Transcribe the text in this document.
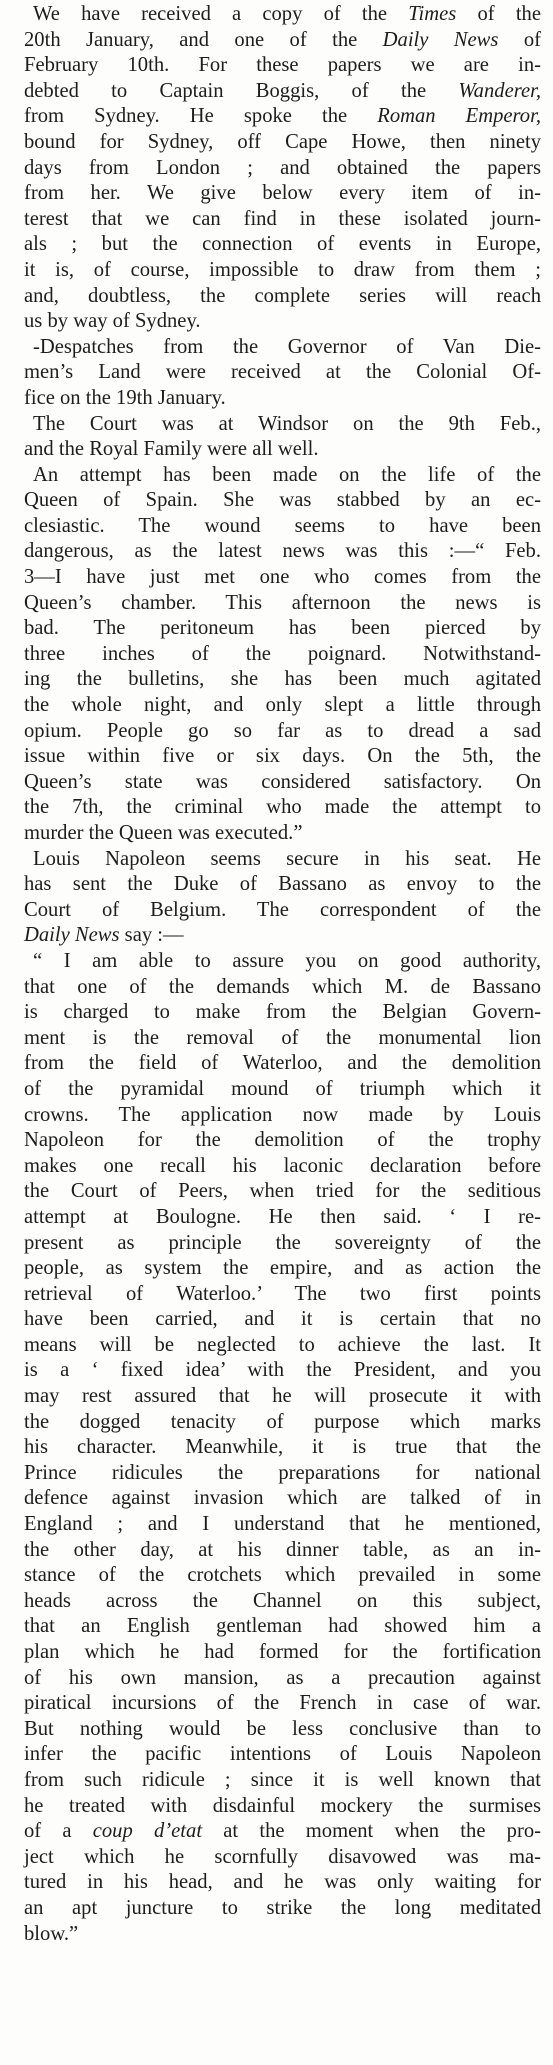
We have received a copy of the Times of the
20th January, and one of the Daily News of
February 10th. For these papers we are in-
debted to Captain Boggis, of the Wanderer,
from Sydney. He spoke the Roman Emperor,
bound for Sydney, off Cape Howe, then ninety
days from London ; and obtained the papers
from her. We give below every item of in-
terest that we can find in these isolated journ-
als ; but the connection of events in Europe,
it is, of course, impossible to draw from them ;
and, doubtless, the complete series will reach
us by way of Sydney.
-Despatches from the Governor of Van Die-
men’s Land were received at the Colonial Of-
fice on the 19th January.
The Court was at Windsor on the 9th Feb.,
and the Royal Family were all well.
An attempt has been made on the life of the
Queen of Spain. She was stabbed by an ec-
clesiastic. The wound seems to have been
dangerous, as the latest news was this :—“ Feb.
3—I have just met one who comes from the
Queen’s chamber. This afternoon the news is
bad. The peritoneum has been pierced by
three inches of the poignard. Notwithstand-
ing the bulletins, she has been much agitated
the whole night, and only slept a little through
opium. People go so far as to dread a sad
issue within five or six days. On the 5th, the
Queen’s state was considered satisfactory. On
the 7th, the criminal who made the attempt to
murder the Queen was executed.”
Louis Napoleon seems secure in his seat. He
has sent the Duke of Bassano as envoy to the
Court of Belgium. The correspondent of the
Daily News say :—
“ I am able to assure you on good authority,
that one of the demands which M. de Bassano
is charged to make from the Belgian Govern-
ment is the removal of the monumental lion
from the field of Waterloo, and the demolition
of the pyramidal mound of triumph which it
crowns. The application now made by Louis
Napoleon for the demolition of the trophy
makes one recall his laconic declaration before
the Court of Peers, when tried for the seditious
attempt at Boulogne. He then said. ‘ I re-
present as principle the sovereignty of the
people, as system the empire, and as action the
retrieval of Waterloo.’ The two first points
have been carried, and it is certain that no
means will be neglected to achieve the last. It
is a ‘ fixed idea’ with the President, and you
may rest assured that he will prosecute it with
the dogged tenacity of purpose which marks
his character. Meanwhile, it is true that the
Prince ridicules the preparations for national
defence against invasion which are talked of in
England ; and I understand that he mentioned,
the other day, at his dinner table, as an in-
stance of the crotchets which prevailed in some
heads across the Channel on this subject,
that an English gentleman had showed him a
plan which he had formed for the fortification
of his own mansion, as a precaution against
piratical incursions of the French in case of war.
But nothing would be less conclusive than to
infer the pacific intentions of Louis Napoleon
from such ridicule ; since it is well known that
he treated with disdainful mockery the surmises
of a coup d’etat at the moment when the pro-
ject which he scornfully disavowed was ma-
tured in his head, and he was only waiting for
an apt juncture to strike the long meditated
blow.”
